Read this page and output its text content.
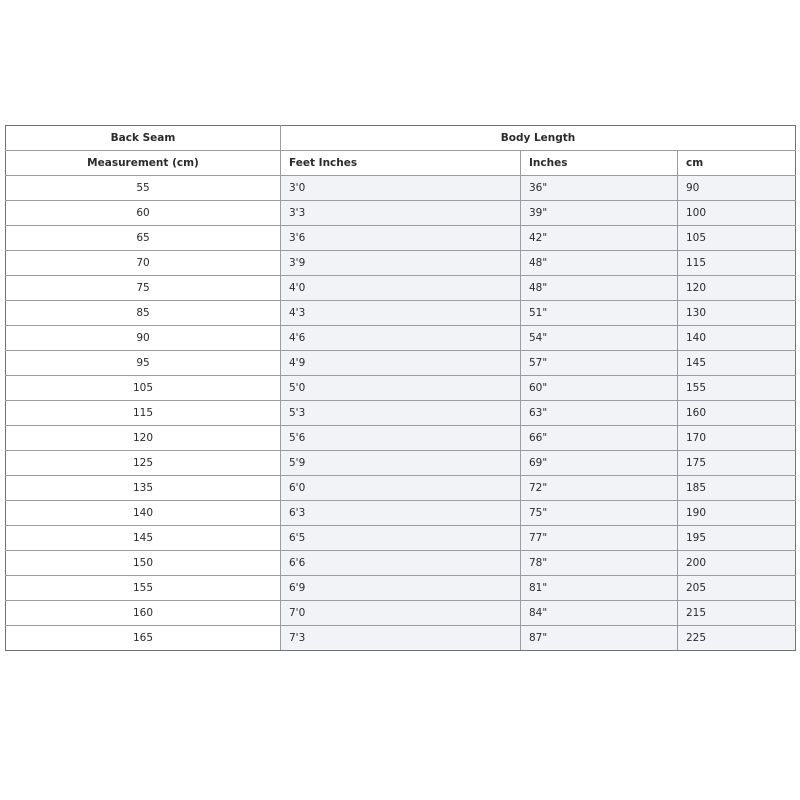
Back Seam	Body Length		
Measurement (cm)	Feet Inches	Inches	cm
55	3'0	36"	90
60	3'3	39"	100
65	3'6	42"	105
70	3'9	48"	115
75	4'0	48"	120
85	4'3	51"	130
90	4'6	54"	140
95	4'9	57"	145
105	5'0	60"	155
115	5'3	63"	160
120	5'6	66"	170
125	5'9	69"	175
135	6'0	72"	185
140	6'3	75"	190
145	6'5	77"	195
150	6'6	78"	200
155	6'9	81"	205
160	7'0	84"	215
165	7'3	87"	225
